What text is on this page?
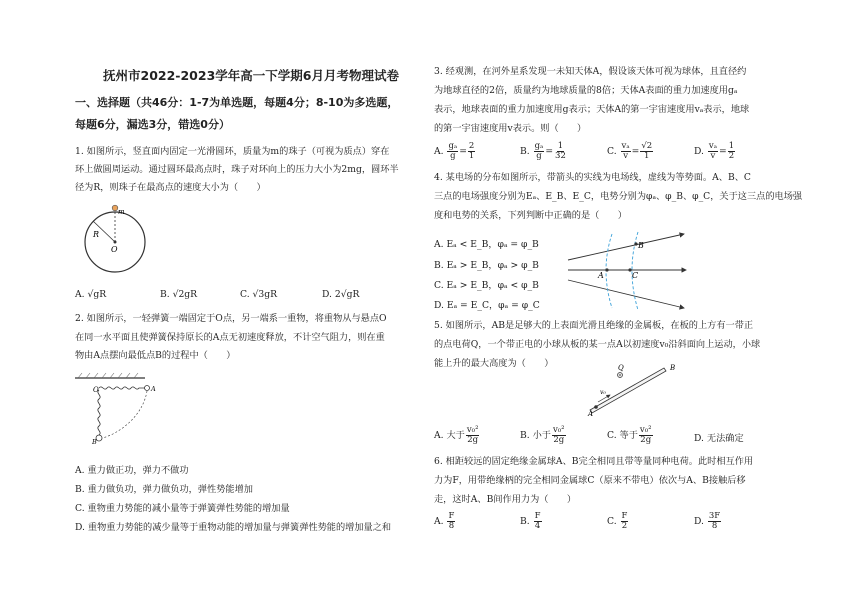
抚州市2022-2023学年高一下学期6月月考物理试卷
一、选择题（共46分：1-7为单选题，每题4分；8-10为多选题，
每题6分，漏选3分，错选0分）
1. 如图所示，竖直面内固定一光滑圆环，质量为m的珠子（可视为质点）穿在
环上做圆周运动。通过圆环最高点时，珠子对环向上的压力大小为2mg，圆环半
径为R，则珠子在最高点的速度大小为（　　）
m
R
O
A. √gR	B. √2gR	C. √3gR	D. 2√gR
2. 如图所示，一轻弹簧一端固定于O点，另一端系一重物，将重物从与悬点O
在同一水平面且使弹簧保持原长的A点无初速度释放，不计空气阻力，则在重
物由A点摆向最低点B的过程中（　　）
A
O
B
A. 重力做正功，弹力不做功
B. 重力做负功，弹力做负功，弹性势能增加
C. 重物重力势能的减小量等于弹簧弹性势能的增加量
D. 重物重力势能的减少量等于重物动能的增加量与弹簧弹性势能的增加量之和
3. 经观测，在河外星系发现一未知天体A，假设该天体可视为球体，且直径约
为地球直径的2倍，质量约为地球质量的8倍；天体A表面的重力加速度用gₐ
表示，地球表面的重力加速度用g表示；天体A的第一宇宙速度用vₐ表示，地球
的第一宇宙速度用v表示。则（　　）
A. $\frac{\text{gₐ}}{g} = \frac{2}{1}$	B. $\frac{\text{gₐ}}{g} = \frac{1}{32}$	C. $\frac{\text{vₐ}}{v} = \frac{√2}{1}$	D. $\frac{\text{vₐ}}{v} = \frac{1}{2}$
4. 某电场的分布如图所示，带箭头的实线为电场线，虚线为等势面。A、B、C
三点的电场强度分别为Eₐ、E_B、E_C，电势分别为φₐ、φ_B、φ_C，关于这三点的电场强
度和电势的关系，下列判断中正确的是（　　）
A. Eₐ < E_B，φₐ = φ_B
B. Eₐ > E_B，φₐ > φ_B
C. Eₐ > E_B，φₐ < φ_B
D. Eₐ = E_C，φₐ = φ_C
A
B
C
5. 如图所示，AB是足够大的上表面光滑且绝缘的金属板，在板的上方有一带正
的点电荷Q，一个带正电的小球从板的某一点A以初速度v₀沿斜面向上运动，小球
能上升的最大高度为（　　）	Q
A
B
v₀
A. 大于 $\frac{\text{v₀²}}{2g}$	B. 小于 $\frac{\text{v₀²}}{2g}$	C. 等于 $\frac{\text{v₀²}}{2g}$	D. 无法确定
6. 相距较远的固定绝缘金属球A、B完全相同且带等量同种电荷。此时相互作用
力为F，用带绝缘柄的完全相同金属球C（原来不带电）依次与A、B接触后移
走，这时A、B间作用力为（　　）
A. $\frac{F}{8}$	B. $\frac{F}{4}$	C. $\frac{F}{2}$	D. $\frac{3F}{8}$
